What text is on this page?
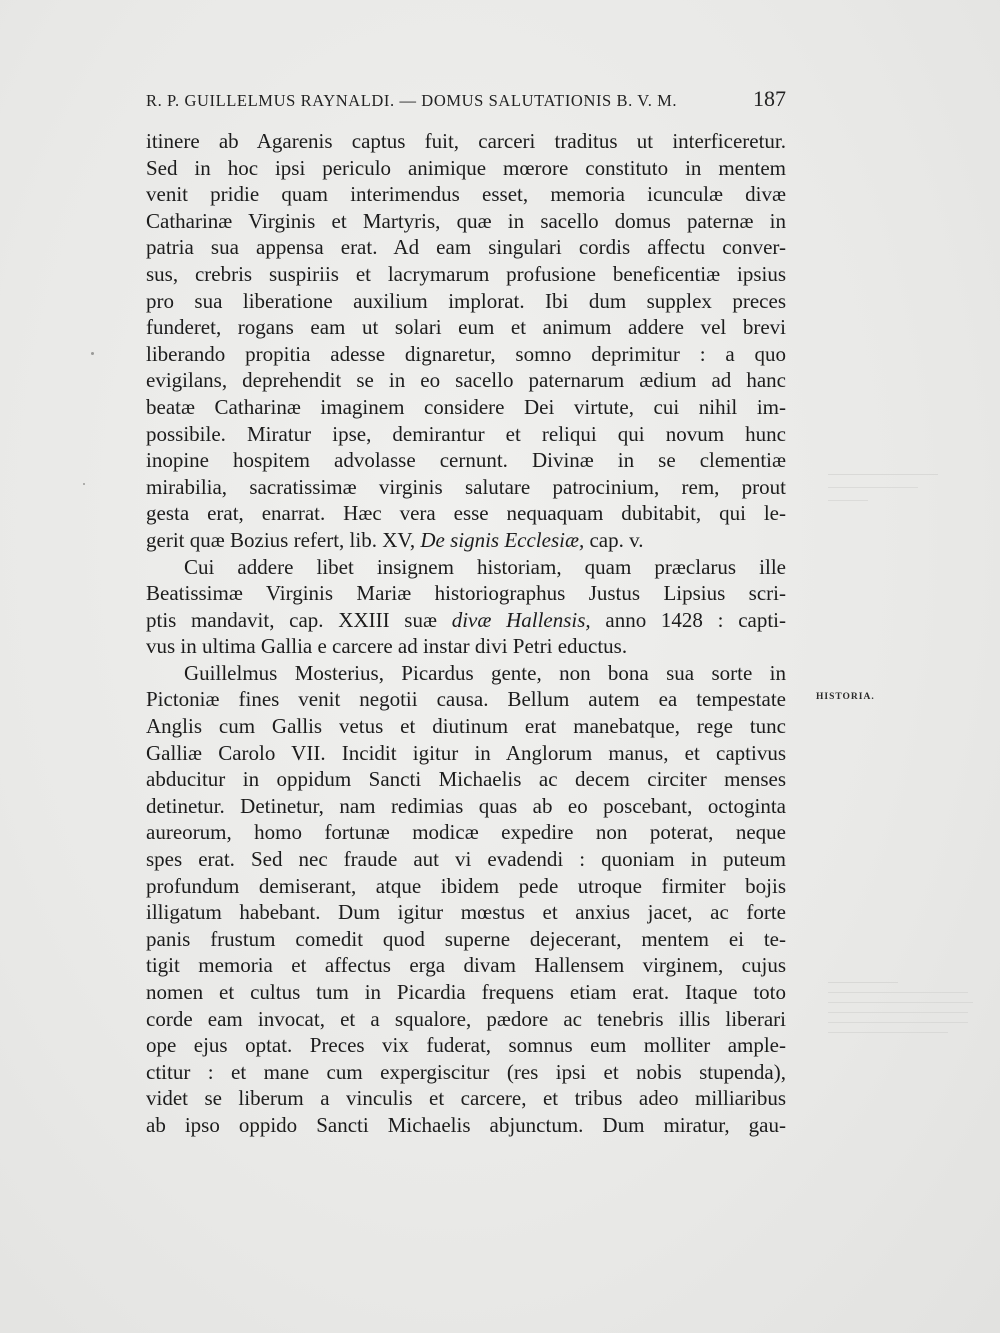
R. P. GUILLELMUS RAYNALDI. — DOMUS SALUTATIONIS B. V. M.	187
itinere ab Agarenis captus fuit, carceri traditus ut interficeretur.
Sed in hoc ipsi periculo animique mœrore constituto in mentem
venit pridie quam interimendus esset, memoria icunculæ divæ
Catharinæ Virginis et Martyris, quæ in sacello domus paternæ in
patria sua appensa erat. Ad eam singulari cordis affectu conver-
sus, crebris suspiriis et lacrymarum profusione beneficentiæ ipsius
pro sua liberatione auxilium implorat. Ibi dum supplex preces
funderet, rogans eam ut solari eum et animum addere vel brevi
liberando propitia adesse dignaretur, somno deprimitur : a quo
evigilans, deprehendit se in eo sacello paternarum ædium ad hanc
beatæ Catharinæ imaginem considere Dei virtute, cui nihil im-
possibile. Miratur ipse, demirantur et reliqui qui novum hunc
inopine hospitem advolasse cernunt. Divinæ in se clementiæ
mirabilia, sacratissimæ virginis salutare patrocinium, rem, prout
gesta erat, enarrat. Hæc vera esse nequaquam dubitabit, qui le-
gerit quæ Bozius refert, lib. XV, De signis Ecclesiæ, cap. v.
Cui addere libet insignem historiam, quam præclarus ille
Beatissimæ Virginis Mariæ historiographus Justus Lipsius scri-
ptis mandavit, cap. XXIII suæ divæ Hallensis, anno 1428 : capti-
vus in ultima Gallia e carcere ad instar divi Petri eductus.
Guillelmus Mosterius, Picardus gente, non bona sua sorte in
Pictoniæ fines venit negotii causa. Bellum autem ea tempestate
Anglis cum Gallis vetus et diutinum erat manebatque, rege tunc
Galliæ Carolo VII. Incidit igitur in Anglorum manus, et captivus
abducitur in oppidum Sancti Michaelis ac decem circiter menses
detinetur. Detinetur, nam redimias quas ab eo poscebant, octoginta
aureorum, homo fortunæ modicæ expedire non poterat, neque
spes erat. Sed nec fraude aut vi evadendi : quoniam in puteum
profundum demiserant, atque ibidem pede utroque firmiter bojis
illigatum habebant. Dum igitur mœstus et anxius jacet, ac forte
panis frustum comedit quod superne dejecerant, mentem ei te-
tigit memoria et affectus erga divam Hallensem virginem, cujus
nomen et cultus tum in Picardia frequens etiam erat. Itaque toto
corde eam invocat, et a squalore, pædore ac tenebris illis liberari
ope ejus optat. Preces vix fuderat, somnus eum molliter ample-
ctitur : et mane cum expergiscitur (res ipsi et nobis stupenda),
videt se liberum a vinculis et carcere, et tribus adeo milliaribus
ab ipso oppido Sancti Michaelis abjunctum. Dum miratur, gau-
HISTORIA.
